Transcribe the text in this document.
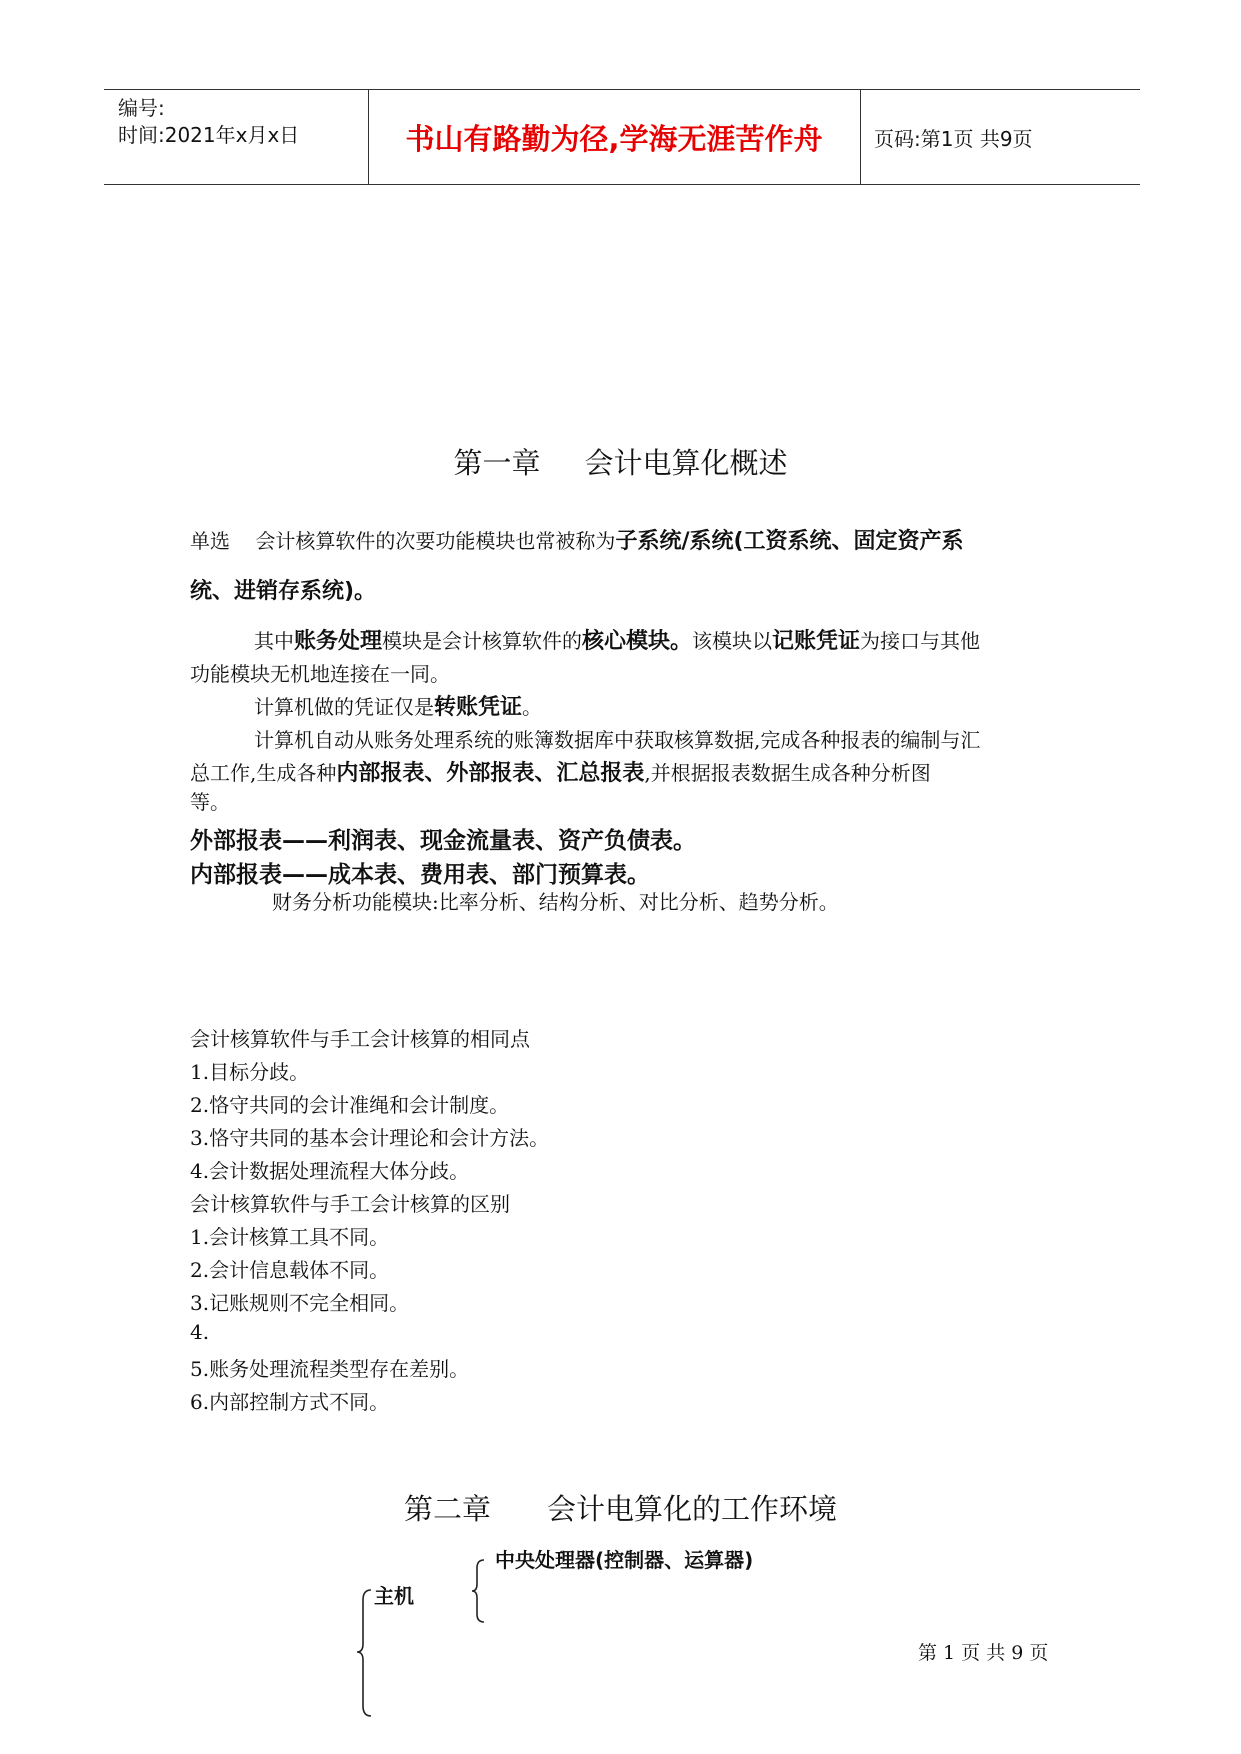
编号:
时间:2021年x月x日	书山有路勤为径,学海无涯苦作舟	页码:第1页 共9页
第一章 会计电算化概述
单选 会计核算软件的次要功能模块也常被称为子系统/系统(工资系统、固定资产系
统、进销存系统)。
其中账务处理模块是会计核算软件的核心模块。该模块以记账凭证为接口与其他
功能模块无机地连接在一同。
计算机做的凭证仅是转账凭证。
计算机自动从账务处理系统的账簿数据库中获取核算数据,完成各种报表的编制与汇
总工作,生成各种内部报表、外部报表、汇总报表,并根据报表数据生成各种分析图
等。
外部报表——利润表、现金流量表、资产负债表。
内部报表——成本表、费用表、部门预算表。
财务分析功能模块:比率分析、结构分析、对比分析、趋势分析。
会计核算软件与手工会计核算的相同点
1.目标分歧。
2.恪守共同的会计准绳和会计制度。
3.恪守共同的基本会计理论和会计方法。
4.会计数据处理流程大体分歧。
会计核算软件与手工会计核算的区别
1.会计核算工具不同。
2.会计信息载体不同。
3.记账规则不完全相同。
4.
5.账务处理流程类型存在差别。
6.内部控制方式不同。
第二章 会计电算化的工作环境
中央处理器(控制器、运算器)
主机
第 1 页 共 9 页
